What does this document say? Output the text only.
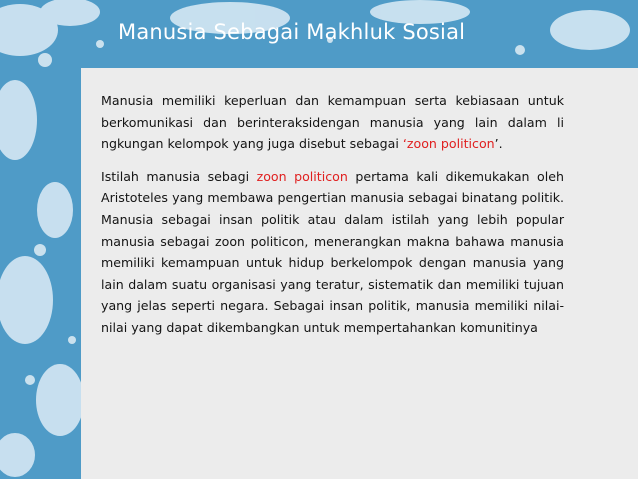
Manusia Sebagai Makhluk Sosial

Manusia memiliki keperluan dan kemampuan serta kebiasaan untuk berkomunikasi dan berinteraksidengan manusia yang lain dalam li ngkungan kelompok yang juga disebut sebagai ‘zoon politicon’.

Istilah manusia sebagi zoon politicon pertama kali dikemukakan oleh Aristoteles yang membawa pengertian manusia sebagai binatang politik. Manusia sebagai insan politik atau dalam istilah yang lebih popular manusia sebagai zoon politicon, menerangkan makna bahawa manusia memiliki kemampuan untuk hidup berkelompok dengan manusia yang lain dalam suatu organisasi yang teratur, sistematik dan memiliki tujuan yang jelas seperti negara. Sebagai insan politik, manusia memiliki nilai-nilai yang dapat dikembangkan untuk mempertahankan komunitinya
